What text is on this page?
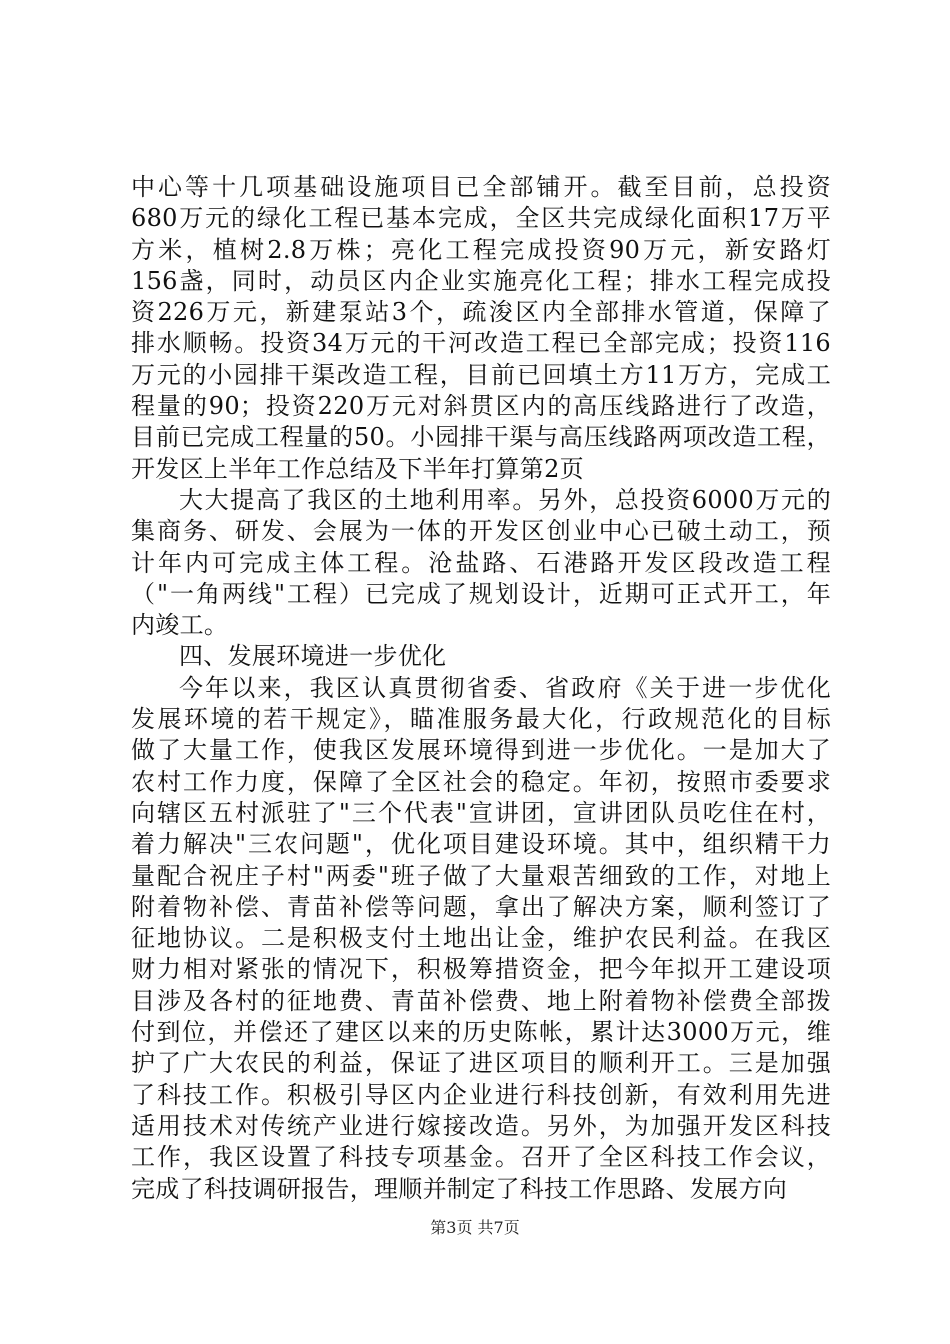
中心等十几项基础设施项目已全部铺开。截至目前，总投资
680万元的绿化工程已基本完成，全区共完成绿化面积17万平
方米，植树2.8万株；亮化工程完成投资90万元，新安路灯
156盏，同时，动员区内企业实施亮化工程；排水工程完成投
资226万元，新建泵站3个，疏浚区内全部排水管道，保障了
排水顺畅。投资34万元的干河改造工程已全部完成；投资116
万元的小园排干渠改造工程，目前已回填土方11万方，完成工
程量的90；投资220万元对斜贯区内的高压线路进行了改造，
目前已完成工程量的50。小园排干渠与高压线路两项改造工程，
开发区上半年工作总结及下半年打算第2页
大大提高了我区的土地利用率。另外，总投资6000万元的
集商务、研发、会展为一体的开发区创业中心已破土动工，预
计年内可完成主体工程。沧盐路、石港路开发区段改造工程
（"一角两线"工程）已完成了规划设计，近期可正式开工，年
内竣工。
四、发展环境进一步优化
今年以来，我区认真贯彻省委、省政府《关于进一步优化
发展环境的若干规定》，瞄准服务最大化，行政规范化的目标
做了大量工作，使我区发展环境得到进一步优化。一是加大了
农村工作力度，保障了全区社会的稳定。年初，按照市委要求
向辖区五村派驻了"三个代表"宣讲团，宣讲团队员吃住在村，
着力解决"三农问题"，优化项目建设环境。其中，组织精干力
量配合祝庄子村"两委"班子做了大量艰苦细致的工作，对地上
附着物补偿、青苗补偿等问题，拿出了解决方案，顺利签订了
征地协议。二是积极支付土地出让金，维护农民利益。在我区
财力相对紧张的情况下，积极筹措资金，把今年拟开工建设项
目涉及各村的征地费、青苗补偿费、地上附着物补偿费全部拨
付到位，并偿还了建区以来的历史陈帐，累计达3000万元，维
护了广大农民的利益，保证了进区项目的顺利开工。三是加强
了科技工作。积极引导区内企业进行科技创新，有效利用先进
适用技术对传统产业进行嫁接改造。另外，为加强开发区科技
工作，我区设置了科技专项基金。召开了全区科技工作会议，
完成了科技调研报告，理顺并制定了科技工作思路、发展方向
第3页 共7页
